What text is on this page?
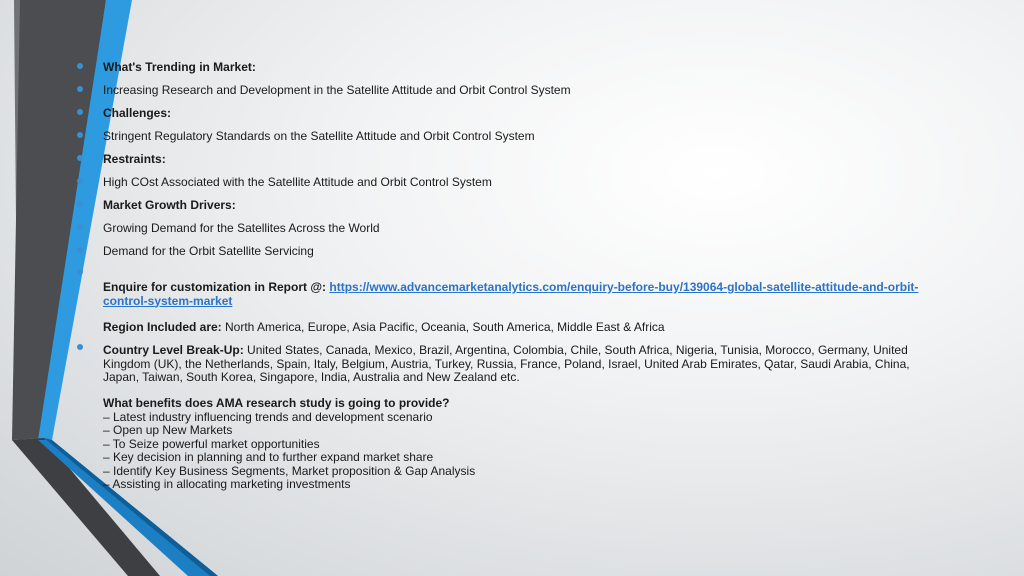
What's Trending in Market:
Increasing Research and Development in the Satellite Attitude and Orbit Control System
Challenges:
Stringent Regulatory Standards on the Satellite Attitude and Orbit Control System
Restraints:
High COst Associated with the Satellite Attitude and Orbit Control System
Market Growth Drivers:
Growing Demand for the Satellites Across the World
Demand for the Orbit Satellite Servicing
Enquire for customization in Report @: https://www.advancemarketanalytics.com/enquiry-before-buy/139064-global-satellite-attitude-and-orbit-control-system-market
Region Included are: North America, Europe, Asia Pacific, Oceania, South America, Middle East & Africa
Country Level Break-Up: United States, Canada, Mexico, Brazil, Argentina, Colombia, Chile, South Africa, Nigeria, Tunisia, Morocco, Germany, United Kingdom (UK), the Netherlands, Spain, Italy, Belgium, Austria, Turkey, Russia, France, Poland, Israel, United Arab Emirates, Qatar, Saudi Arabia, China, Japan, Taiwan, South Korea, Singapore, India, Australia and New Zealand etc.
What benefits does AMA research study is going to provide?
– Latest industry influencing trends and development scenario
– Open up New Markets
– To Seize powerful market opportunities
– Key decision in planning and to further expand market share
– Identify Key Business Segments, Market proposition & Gap Analysis
– Assisting in allocating marketing investments
